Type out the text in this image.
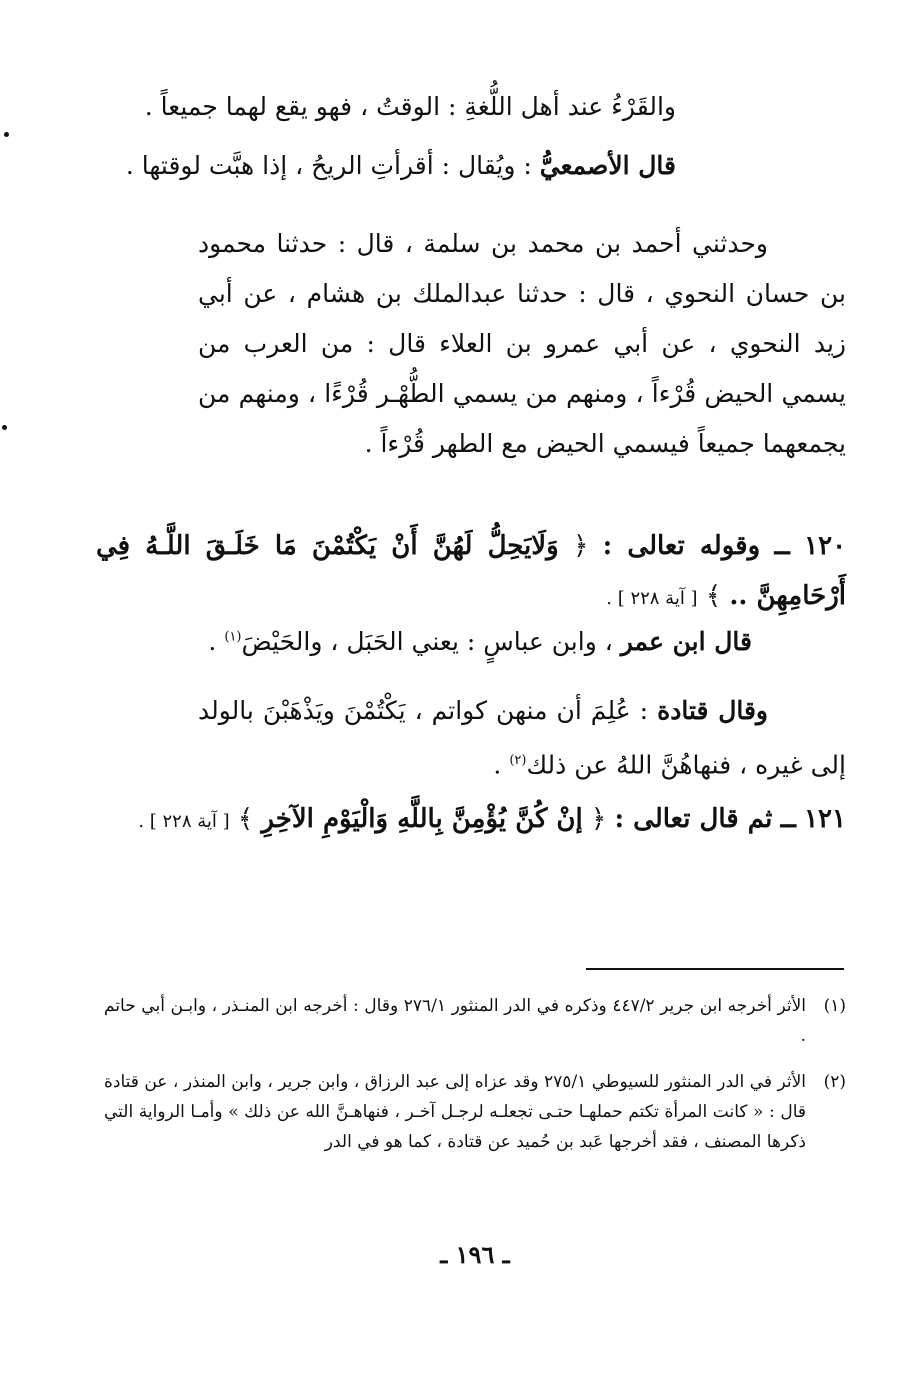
والقَرْءُ عند أهل اللُّغةِ : الوقتُ ، فهو يقع لهما جميعاً .
قال الأصمعيُّ : ويُقال : أقرأتِ الريحُ ، إذا هبَّت لوقتها .
وحدثني أحمد بن محمد بن سلمة ، قال : حدثنا محمود بن حسان النحوي ، قال : حدثنا عبدالملك بن هشام ، عن أبي زيد النحوي ، عن أبي عمرو بن العلاء قال : من العرب من يسمي الحيض قُرْءاً ، ومنهم من يسمي الطُّهْـر قُرْءًا ، ومنهم من يجمعهما جميعاً فيسمي الحيض مع الطهر قُرْءاً .
١٢٠ ــ وقوله تعالى : ﴿ وَلَايَحِلُّ لَهُنَّ أَنْ يَكْتُمْنَ مَا خَلَـقَ اللَّـهُ فِي أَرْحَامِهِنَّ .. ﴾ [ آية ٢٢٨ ] .
قال ابن عمر ، وابن عباسٍ : يعني الحَبَل ، والحَيْضَ$^{(١)}$ .
وقال قتادة : عُلِمَ أن منهن كواتم ، يَكْتُمْنَ ويَذْهَبْنَ بالولد إلى غيره ، فنهاهُنَّ اللهُ عن ذلك$^{(٢)}$ .
١٢١ ــ ثم قال تعالى : ﴿ إنْ كُنَّ يُؤْمِنَّ بِاللَّهِ وَالْيَوْمِ الآخِرِ ﴾ [ آية ٢٢٨ ] .
(١)
الأثر أخرجه ابن جرير ٤٤٧/٢ وذكره في الدر المنثور ٢٧٦/١ وقال : أخرجه ابن المنـذر ، وابـن أبي حاتم .
(٢)
الأثر في الدر المنثور للسيوطي ٢٧٥/١ وقد عزاه إلى عبد الرزاق ، وابن جرير ، وابن المنذر ، عن قتادة قال : « كانت المرأة تكتم حملهـا حتـى تجعلـه لرجـل آخـر ، فنهاهـنَّ الله عن ذلك » وأمـا الرواية التي ذكرها المصنف ، فقد أخرجها عَبد بن حُميد عن قتادة ، كما هو في الدر
ـ ١٩٦ ـ
